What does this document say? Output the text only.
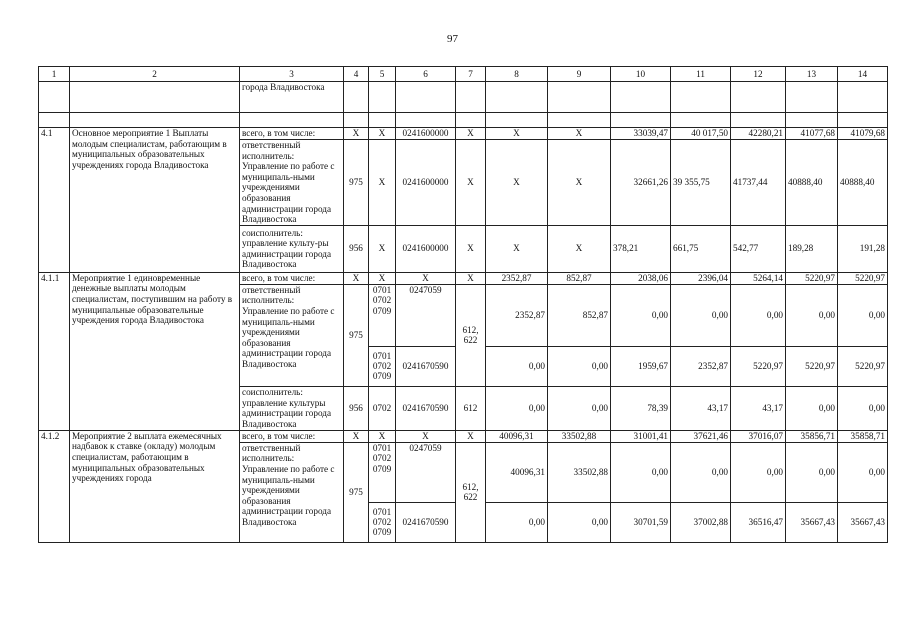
97
1	2	3	4	5	6	7	8	9	10	11	12	13	14
		города Владивостока											

4.1	Основное мероприятие 1 Выплаты молодым специалистам, работающим в муниципальных образовательных учреждениях города Владивостока	всего, в том числе:	X	X	0241600000	X	X	X	33039,47	40 017,50	42280,21	41077,68	41079,68
		ответственный исполнитель: Управление по работе с муниципаль-ными учреждениями образования администрации города Владивостока	975	X	0241600000	X	X	X	32661,26	39 355,75	41737,44	40888,40	40888,40
		соисполнитель: управление культу-ры администрации города Владивостока	956	X	0241600000	X	X	X	378,21	661,75	542,77	189,28	191,28
4.1.1	Мероприятие 1 единовременные денежные выплаты молодым специалистам, поступившим на работу в муниципальные образовательные учреждения города Владивостока	всего, в том числе:	X	X	X	X	2352,87	852,87	2038,06	2396,04	5264,14	5220,97	5220,97
		ответственный исполнитель: Управление по работе с муниципаль-ными учреждениями образования администрации города Владивостока	975	0701 0702 0709	0247059	612, 622	2352,87	852,87	0,00	0,00	0,00	0,00	0,00
				0701 0702 0709	0241670590		0,00	0,00	1959,67	2352,87	5220,97	5220,97	5220,97
		соисполнитель: управление культуры администрации города Владивостока	956	0702	0241670590	612	0,00	0,00	78,39	43,17	43,17	0,00	0,00
4.1.2	Мероприятие 2 выплата ежемесячных надбавок к ставке (окладу) молодым специалистам, работающим в муниципальных образовательных учреждениях города	всего, в том числе:	X	X	X	X	40096,31	33502,88	31001,41	37621,46	37016,07	35856,71	35858,71
		ответственный исполнитель: Управление по работе с муниципаль-ными учреждениями образования администрации города Владивостока	975	0701 0702 0709	0247059	612, 622	40096,31	33502,88	0,00	0,00	0,00	0,00	0,00
				0701 0702 0709	0241670590		0,00	0,00	30701,59	37002,88	36516,47	35667,43	35667,43
